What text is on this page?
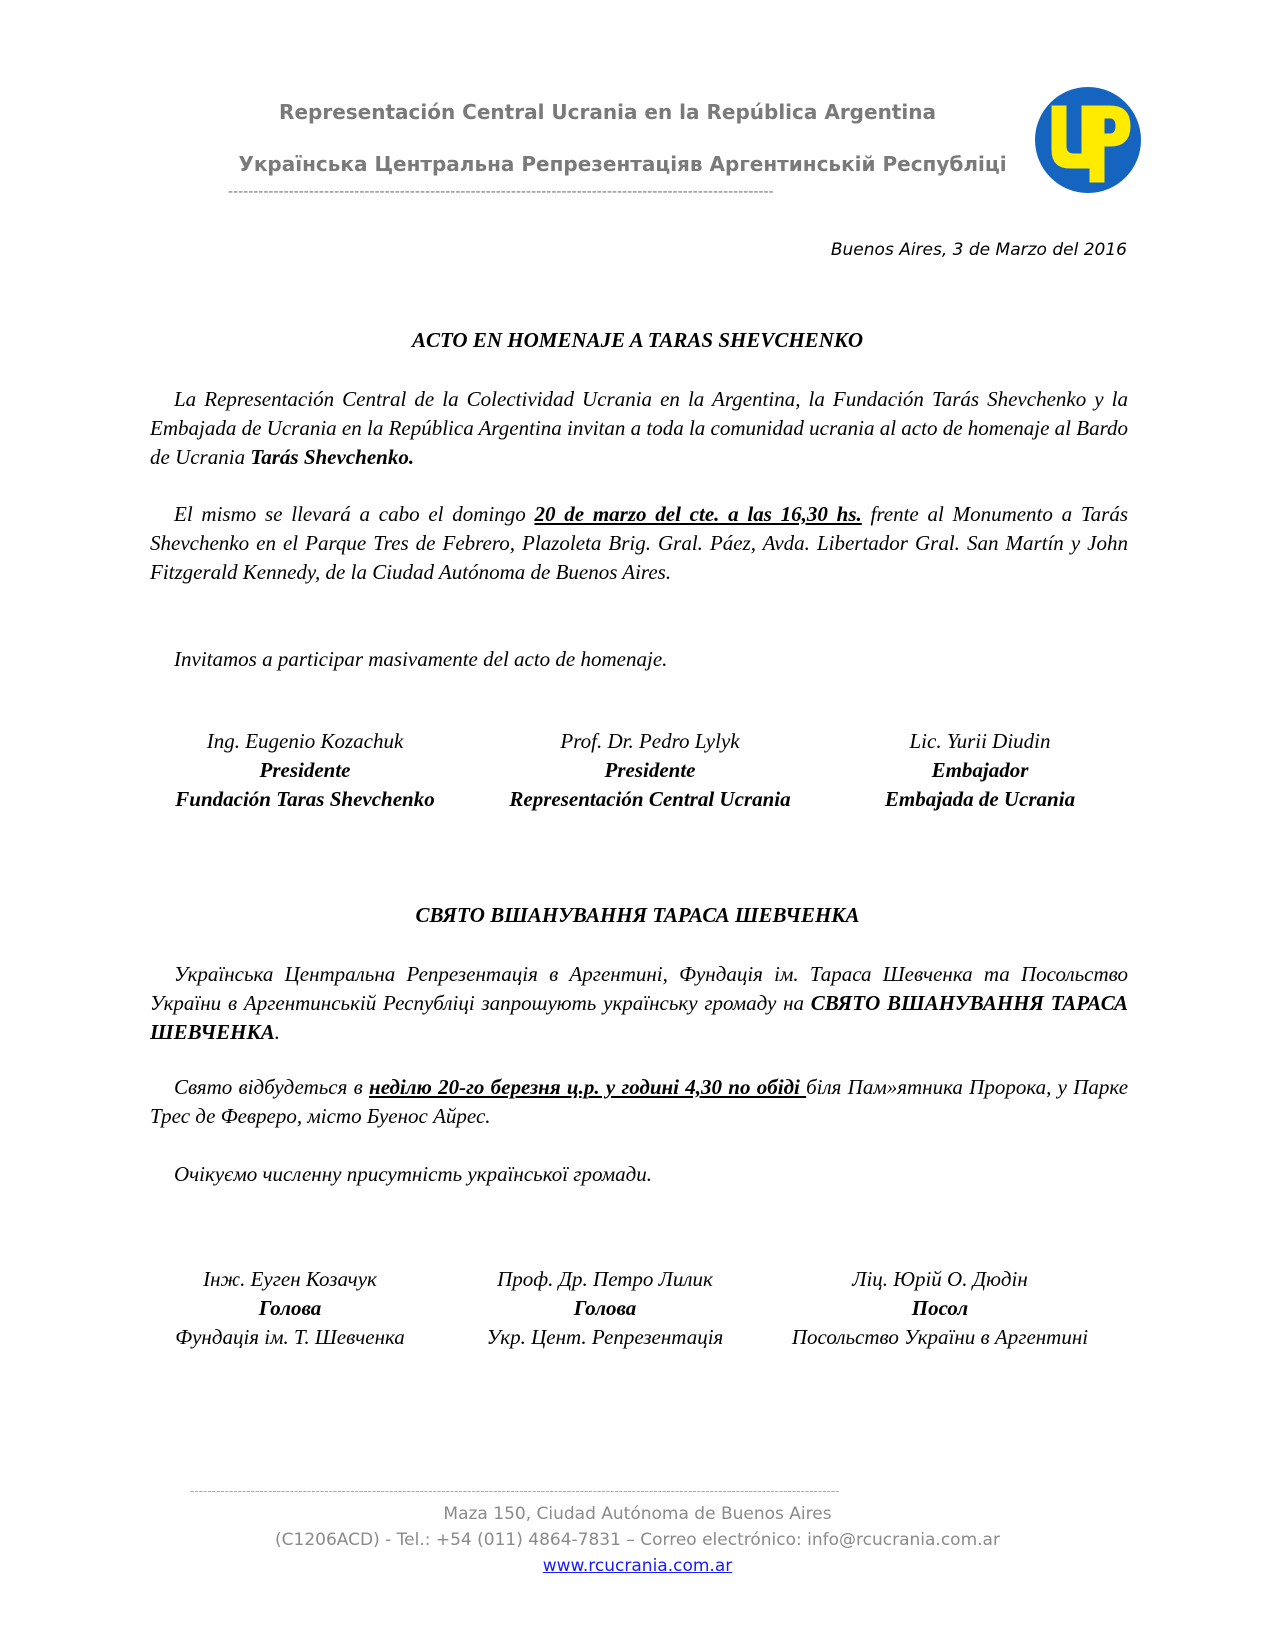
Representación Central Ucrania en la República Argentina
Українська Центральна Репрезентаціяв Аргентинській Республіці
------------------------------------------------------------------------------------------------------------
Buenos Aires, 3 de Marzo del 2016
ACTO EN HOMENAJE A TARAS SHEVCHENKO
La Representación Central de la Colectividad Ucrania en la Argentina, la Fundación Tarás Shevchenko y la Embajada de Ucrania en la República Argentina invitan a toda la comunidad ucrania al acto de homenaje al Bardo de Ucrania Tarás Shevchenko.
El mismo se llevará a cabo el domingo 20 de marzo del cte. a las 16,30 hs. frente al Monumento a Tarás Shevchenko en el Parque Tres de Febrero, Plazoleta Brig. Gral. Páez, Avda. Libertador Gral. San Martín y John Fitzgerald Kennedy, de la Ciudad Autónoma de Buenos Aires.
Invitamos a participar masivamente del acto de homenaje.
Ing. Eugenio Kozachuk
Presidente
Fundación Taras Shevchenko
Prof. Dr. Pedro Lylyk
Presidente
Representación Central Ucrania
Lic. Yurii Diudin
Embajador
Embajada de Ucrania
СВЯТО ВШАНУВАННЯ ТАРАСА ШЕВЧЕНКА
Українська Центральна Репрезентація в Аргентині, Фундація ім. Тараса Шевченка та Посольство України в Аргентинській Республіці запрошують українську громаду на СВЯТО ВШАНУВАННЯ ТАРАСА ШЕВЧЕНКА.
Свято відбудеться в неділю 20-го березня ц.р. у годині 4,30 по обіді біля Пам»ятника Пророка, у Парке Трес де Февреро, місто Буенос Айрес.
Очікуємо численну присутність української громади.
Інж. Еуген Козачук
Голова
Фундація ім. Т. Шевченка
Проф. Др. Петро Лилик
Голова
Укр. Цент. Репрезентація
Ліц. Юрій О. Дюдін
Посол
Посольство України в Аргентині
------------------------------------------------------------------------------------------------------------------------------------------------------
Maza 150, Ciudad Autónoma de Buenos Aires
(C1206ACD) - Tel.: +54 (011) 4864-7831 – Correo electrónico: info@rcucrania.com.ar
www.rcucrania.com.ar
